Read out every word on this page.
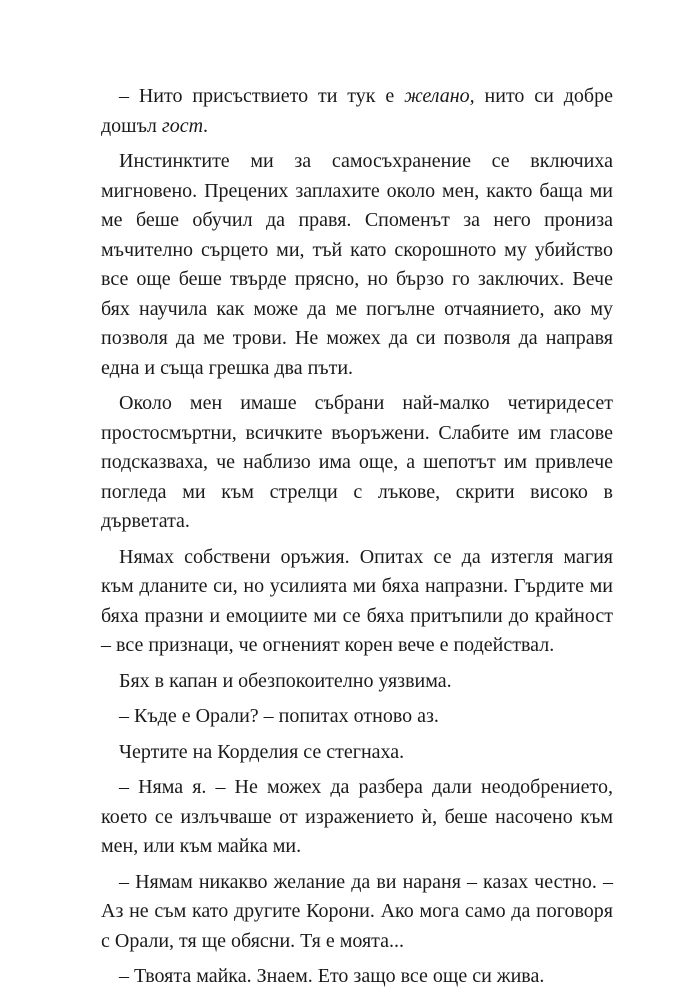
– Нито присъствието ти тук е желано, нито си добре дошъл гост.

Инстинктите ми за самосъхранение се включиха мигновено. Прецених заплахите около мен, както баща ми ме беше обучил да правя. Споменът за него прониза мъчително сърцето ми, тъй като скорошното му убийство все още беше твърде прясно, но бързо го заключих. Вече бях научила как може да ме погълне отчаянието, ако му позволя да ме трови. Не можех да си позволя да направя една и съща грешка два пъти.

Около мен имаше събрани най-малко четиридесет простосмъртни, всичките въоръжени. Слабите им гласове подсказваха, че наблизо има още, а шепотът им привлече погледа ми към стрелци с лъкове, скрити високо в дърветата.

Нямах собствени оръжия. Опитах се да изтегля магия към дланите си, но усилията ми бяха напразни. Гърдите ми бяха празни и емоциите ми се бяха притъпили до крайност – все признаци, че огненият корен вече е подействал.

Бях в капан и обезпокоително уязвима.

– Къде е Орали? – попитах отново аз.

Чертите на Корделия се стегнаха.

– Няма я. – Не можех да разбера дали неодобрението, което се излъчваше от изражението ѝ, беше насочено към мен, или към майка ми.

– Нямам никакво желание да ви нараня – казах честно. – Аз не съм като другите Корони. Ако мога само да поговоря с Орали, тя ще обясни. Тя е моята...

– Твоята майка. Знаем. Ето защо все още си жива.
